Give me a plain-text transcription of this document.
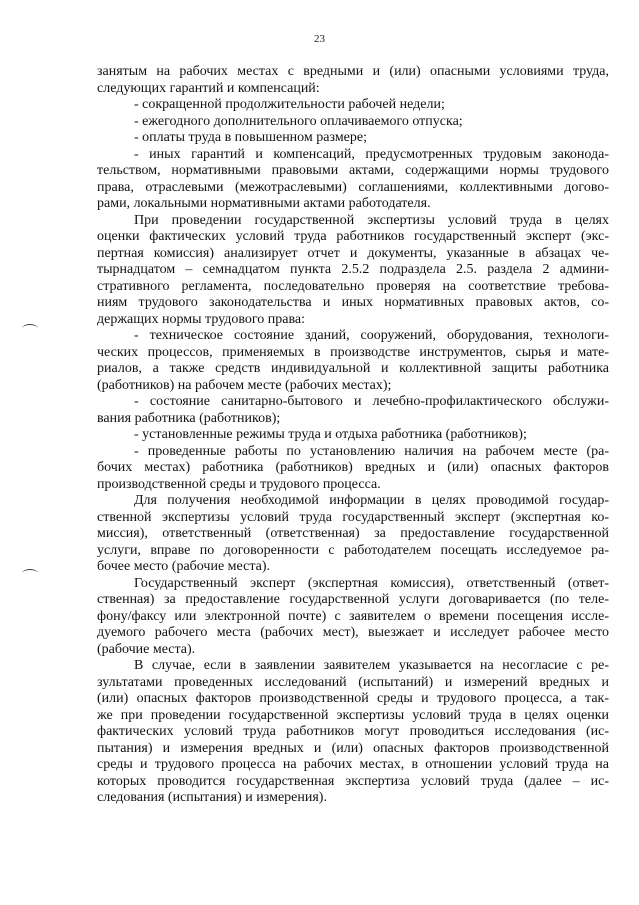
23
занятым на рабочих местах с вредными и (или) опасными условиями труда,
следующих гарантий и компенсаций:
- сокращенной продолжительности рабочей недели;
- ежегодного дополнительного оплачиваемого отпуска;
- оплаты труда в повышенном размере;
- иных гарантий и компенсаций, предусмотренных трудовым законода-
тельством, нормативными правовыми актами, содержащими нормы трудового
права, отраслевыми (межотраслевыми) соглашениями, коллективными догово-
рами, локальными нормативными актами работодателя.
При проведении государственной экспертизы условий труда в целях
оценки фактических условий труда работников государственный эксперт (экс-
пертная комиссия) анализирует отчет и документы, указанные в абзацах че-
тырнадцатом – семнадцатом пункта 2.5.2 подраздела 2.5. раздела 2 админи-
стративного регламента, последовательно проверяя на соответствие требова-
ниям трудового законодательства и иных нормативных правовых актов, со-
держащих нормы трудового права:
- техническое состояние зданий, сооружений, оборудования, технологи-
ческих процессов, применяемых в производстве инструментов, сырья и мате-
риалов, а также средств индивидуальной и коллективной защиты работника
(работников) на рабочем месте (рабочих местах);
- состояние санитарно-бытового и лечебно-профилактического обслужи-
вания работника (работников);
- установленные режимы труда и отдыха работника (работников);
- проведенные работы по установлению наличия на рабочем месте (ра-
бочих местах) работника (работников) вредных и (или) опасных факторов
производственной среды и трудового процесса.
Для получения необходимой информации в целях проводимой государ-
ственной экспертизы условий труда государственный эксперт (экспертная ко-
миссия), ответственный (ответственная) за предоставление государственной
услуги, вправе по договоренности с работодателем посещать исследуемое ра-
бочее место (рабочие места).
Государственный эксперт (экспертная комиссия), ответственный (ответ-
ственная) за предоставление государственной услуги договаривается (по теле-
фону/факсу или электронной почте) с заявителем о времени посещения иссле-
дуемого рабочего места (рабочих мест), выезжает и исследует рабочее место
(рабочие места).
В случае, если в заявлении заявителем указывается на несогласие с ре-
зультатами проведенных исследований (испытаний) и измерений вредных и
(или) опасных факторов производственной среды и трудового процесса, а так-
же при проведении государственной экспертизы условий труда в целях оценки
фактических условий труда работников могут проводиться исследования (ис-
пытания) и измерения вредных и (или) опасных факторов производственной
среды и трудового процесса на рабочих местах, в отношении условий труда на
которых проводится государственная экспертиза условий труда (далее – ис-
следования (испытания) и измерения).
